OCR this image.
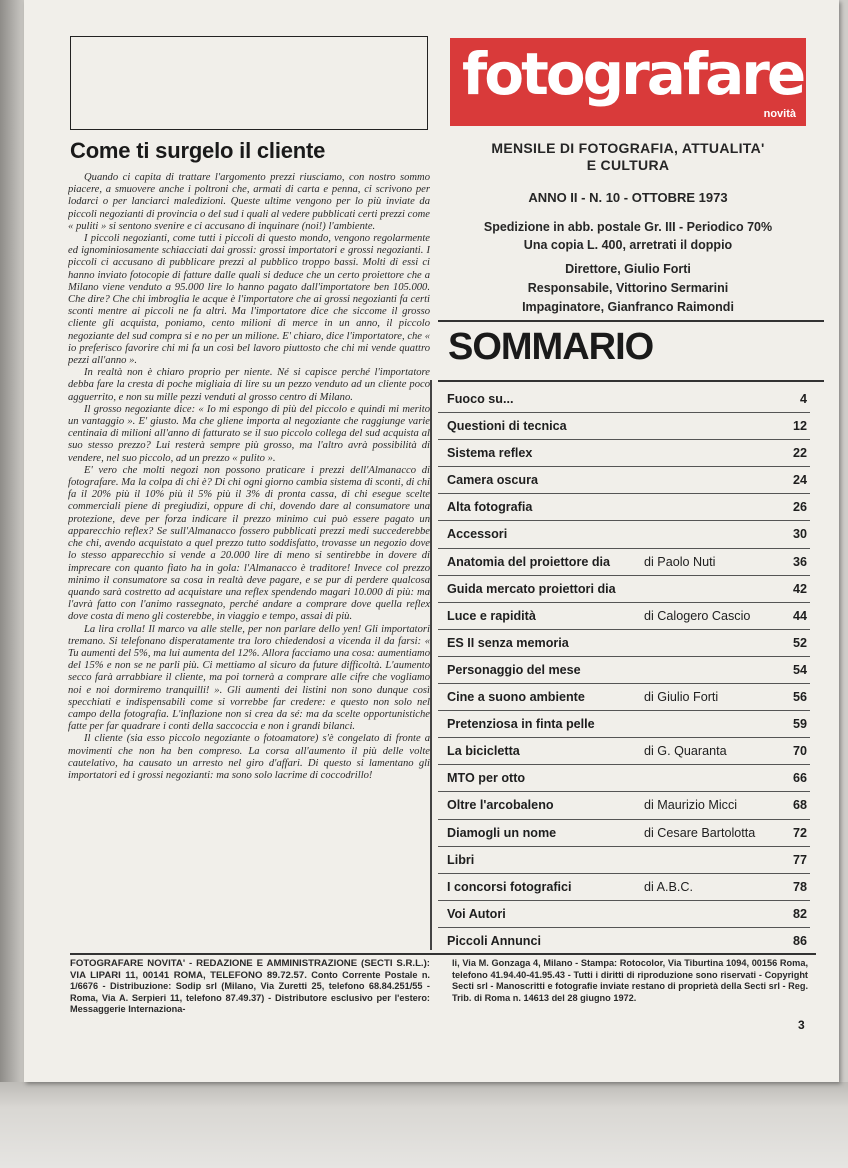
Come ti surgelo il cliente

Quando ci capita di trattare l'argomento prezzi riusciamo, con nostro sommo piacere, a smuovere anche i poltroni che, armati di carta e penna, ci scrivono per lodarci o per lanciarci maledizioni. Queste ultime vengono per lo più inviate da piccoli negozianti di provincia o del sud i quali al vedere pubblicati certi prezzi come « puliti » si sentono svenire e ci accusano di inquinare (noi!) l'ambiente.

I piccoli negozianti, come tutti i piccoli di questo mondo, vengono regolarmente ed ignominiosamente schiacciati dai grossi: grossi importatori e grossi negozianti. I piccoli ci accusano di pubblicare prezzi al pubblico troppo bassi. Molti di essi ci hanno inviato fotocopie di fatture dalle quali si deduce che un certo proiettore che a Milano viene venduto a 95.000 lire lo hanno pagato dall'importatore ben 105.000. Che dire? Che chi imbroglia le acque è l'importatore che ai grossi negozianti fa certi sconti mentre ai piccoli ne fa altri. Ma l'importatore dice che siccome il grosso cliente gli acquista, poniamo, cento milioni di merce in un anno, il piccolo negoziante del sud compra si e no per un milione. E' chiaro, dice l'importatore, che « io preferisco favorire chi mi fa un così bel lavoro piuttosto che chi mi vende quattro pezzi all'anno ».

In realtà non è chiaro proprio per niente. Né si capisce perché l'importatore debba fare la cresta di poche migliaia di lire su un pezzo venduto ad un cliente poco agguerrito, e non su mille pezzi venduti al grosso centro di Milano.

Il grosso negoziante dice: « Io mi espongo di più del piccolo e quindi mi merito un vantaggio ». E' giusto. Ma che gliene importa al negoziante che raggiunge varie centinaia di milioni all'anno di fatturato se il suo piccolo collega del sud acquista al suo stesso prezzo? Lui resterà sempre più grosso, ma l'altro avrà possibilità di vendere, nel suo piccolo, ad un prezzo « pulito ».

E' vero che molti negozi non possono praticare i prezzi dell'Almanacco di fotografare. Ma la colpa di chi è? Di chi ogni giorno cambia sistema di sconti, di chi fa il 20% più il 10% più il 5% più il 3% di pronta cassa, di chi esegue scelte commerciali piene di pregiudizi, oppure di chi, dovendo dare al consumatore una protezione, deve per forza indicare il prezzo minimo cui può essere pagato un apparecchio reflex? Se sull'Almanacco fossero pubblicati prezzi medi succederebbe che chi, avendo acquistato a quel prezzo tutto soddisfatto, trovasse un negozio dove lo stesso apparecchio si vende a 20.000 lire di meno si sentirebbe in dovere di imprecare con quanto fiato ha in gola: l'Almanacco è traditore! Invece col prezzo minimo il consumatore sa cosa in realtà deve pagare, e se pur di perdere qualcosa quando sarà costretto ad acquistare una reflex spendendo magari 10.000 di più: ma l'avrà fatto con l'animo rassegnato, perché andare a comprare dove quella reflex dove costa di meno gli costerebbe, in viaggio e tempo, assai di più.

La lira crolla! Il marco va alle stelle, per non parlare dello yen! Gli importatori tremano. Si telefonano disperatamente tra loro chiedendosi a vicenda il da farsi: « Tu aumenti del 5%, ma lui aumenta del 12%. Allora facciamo una cosa: aumentiamo del 15% e non se ne parli più. Ci mettiamo al sicuro da future difficoltà. L'aumento secco farà arrabbiare il cliente, ma poi tornerà a comprare alle cifre che vogliamo noi e noi dormiremo tranquilli! ». Gli aumenti dei listini non sono dunque così specchiati e indispensabili come si vorrebbe far credere: e questo non solo nel campo della fotografia. L'inflazione non si crea da sé: ma da scelte opportunistiche fatte per far quadrare i conti della saccoccia e non i grandi bilanci.

Il cliente (sia esso piccolo negoziante o fotoamatore) s'è congelato di fronte a movimenti che non ha ben compreso. La corsa all'aumento il più delle volte cautelativo, ha causato un arresto nel giro d'affari. Di questo si lamentano gli importatori ed i grossi negozianti: ma sono solo lacrime di coccodrillo!

fotografare
novità
MENSILE DI FOTOGRAFIA, ATTUALITA'
E CULTURA
ANNO II - N. 10 - OTTOBRE 1973
Spedizione in abb. postale Gr. III - Periodico 70%
Una copia L. 400, arretrati il doppio
Direttore, Giulio Forti
Responsabile, Vittorino Sermarini
Impaginatore, Gianfranco Raimondi
SOMMARIO
Fuoco su...	4
Questioni di tecnica	12
Sistema reflex	22
Camera oscura	24
Alta fotografia	26
Accessori	30
Anatomia del proiettore dia	di Paolo Nuti	36
Guida mercato proiettori dia	42
Luce e rapidità	di Calogero Cascio	44
ES II senza memoria	52
Personaggio del mese	54
Cine a suono ambiente	di Giulio Forti	56
Pretenziosa in finta pelle	59
La bicicletta	di G. Quaranta	70
MTO per otto	66
Oltre l'arcobaleno	di Maurizio Micci	68
Diamogli un nome	di Cesare Bartolotta	72
Libri	77
I concorsi fotografici	di A.B.C.	78
Voi Autori	82
Piccoli Annunci	86
FOTOGRAFARE NOVITA' - REDAZIONE E AMMINISTRAZIONE (SECTI S.R.L.): VIA LIPARI 11, 00141 ROMA, TELEFONO 89.72.57. Conto Corrente Postale n. 1/6676 - Distribuzione: Sodip srl (Milano, Via Zuretti 25, telefono 68.84.251/55 - Roma, Via A. Serpieri 11, telefono 87.49.37) - Distributore esclusivo per l'estero: Messaggerie Internaziona-
li, Via M. Gonzaga 4, Milano - Stampa: Rotocolor, Via Tiburtina 1094, 00156 Roma, telefono 41.94.40-41.95.43 - Tutti i diritti di riproduzione sono riservati - Copyright Secti srl - Manoscritti e fotografie inviate restano di proprietà della Secti srl - Reg. Trib. di Roma n. 14613 del 28 giugno 1972.
3
